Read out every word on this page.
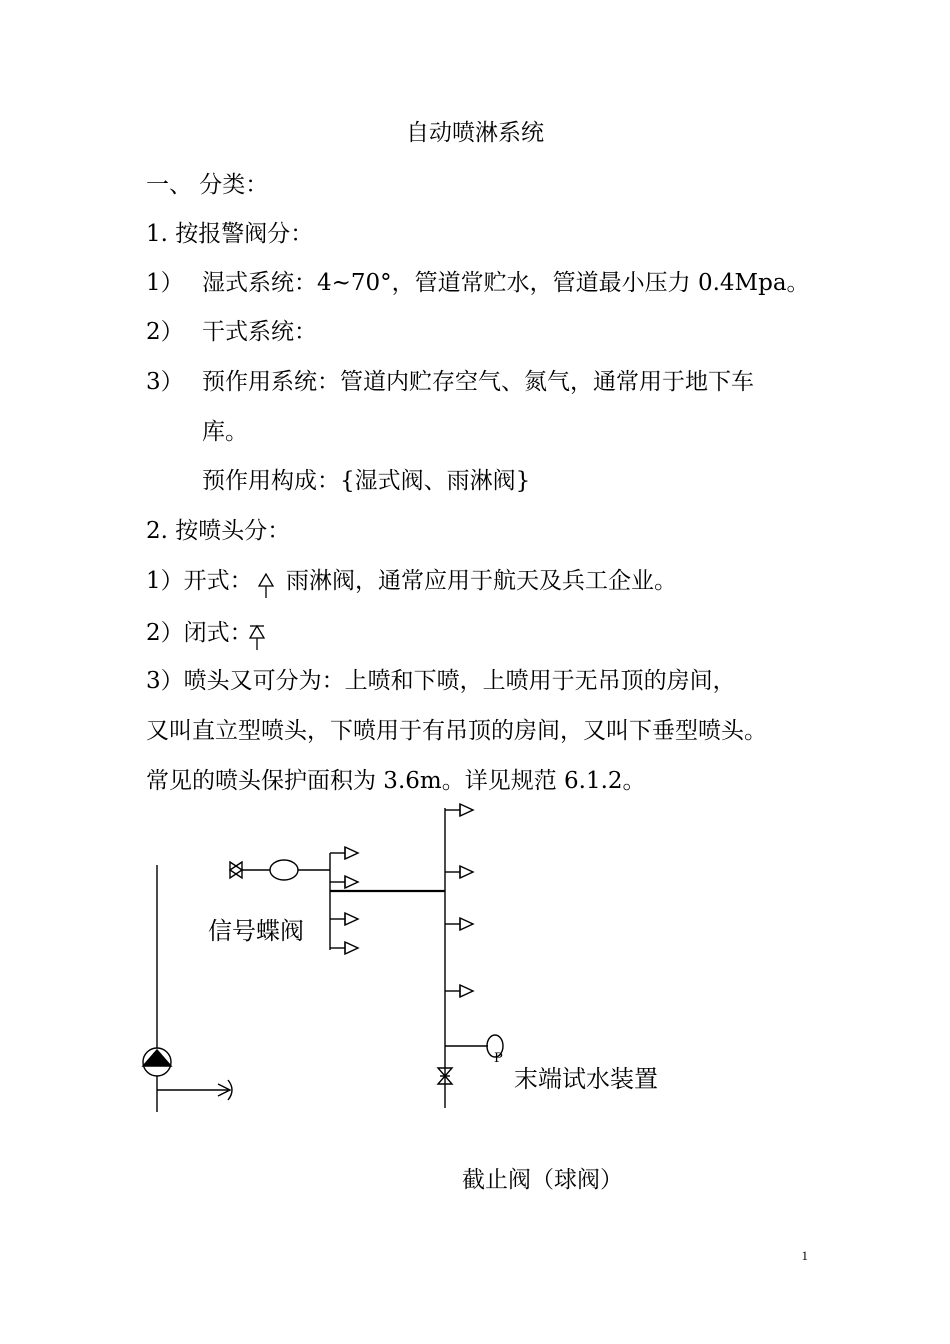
自动喷淋系统
一、 分类：
1. 按报警阀分：
1） 湿式系统：4~70°，管道常贮水，管道最小压力 0.4Mpa。
2） 干式系统：
3） 预作用系统：管道内贮存空气、氮气，通常用于地下车
库。
预作用构成：{湿式阀、雨淋阀}
2. 按喷头分：
1）开式： 雨淋阀，通常应用于航天及兵工企业。
2）闭式：
3）喷头又可分为：上喷和下喷，上喷用于无吊顶的房间，
又叫直立型喷头，下喷用于有吊顶的房间，又叫下垂型喷头。
常见的喷头保护面积为 3.6m。详见规范 6.1.2。
P
信号蝶阀
末端试水装置
截止阀（球阀）
1
